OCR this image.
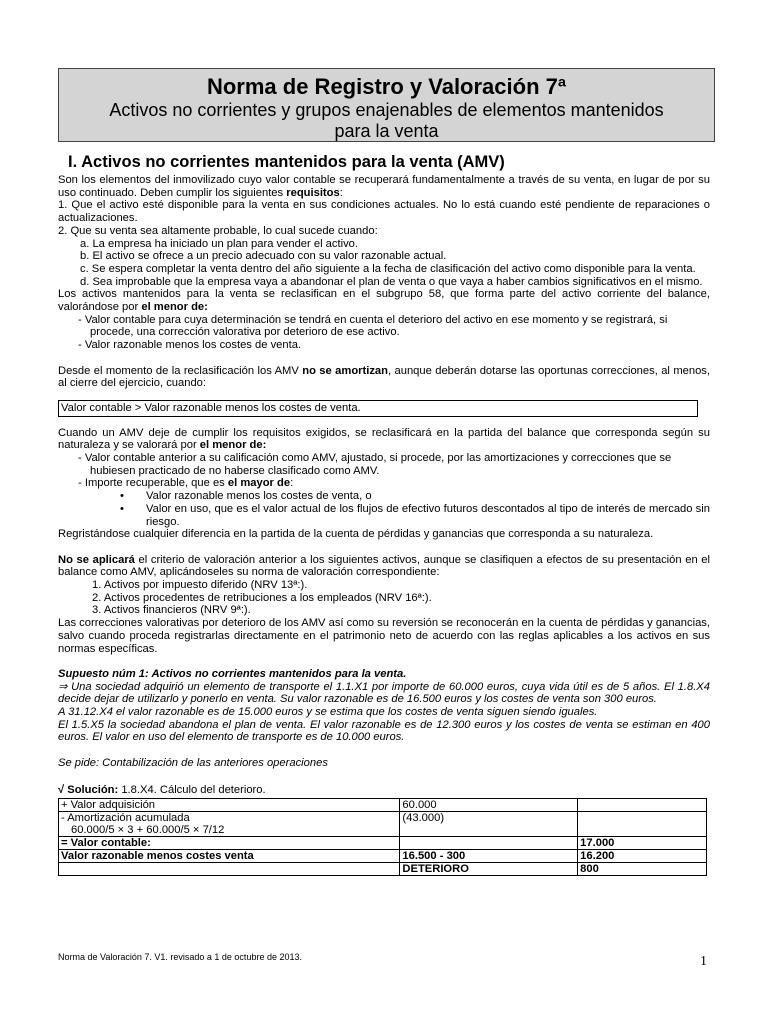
Norma de Registro y Valoración 7ª
Activos no corrientes y grupos enajenables de elementos mantenidos
para la venta
I. Activos no corrientes mantenidos para la venta (AMV)

Son los elementos del inmovilizado cuyo valor contable se recuperará fundamentalmente a través de su venta, en lugar de por su uso continuado. Deben cumplir los siguientes requisitos:

1. Que el activo esté disponible para la venta en sus condiciones actuales. No lo está cuando esté pendiente de reparaciones o actualizaciones.

2. Que su venta sea altamente probable, lo cual sucede cuando:

a. La empresa ha iniciado un plan para vender el activo.

b. El activo se ofrece a un precio adecuado con su valor razonable actual.

c. Se espera completar la venta dentro del año siguiente a la fecha de clasificación del activo como disponible para la venta.

d. Sea improbable que la empresa vaya a abandonar el plan de venta o que vaya a haber cambios significativos en el mismo.

Los activos mantenidos para la venta se reclasifican en el subgrupo 58, que forma parte del activo corriente del balance, valorándose por el menor de:

- Valor contable para cuya determinación se tendrá en cuenta el deterioro del activo en ese momento y se registrará, si procede, una corrección valorativa por deterioro de ese activo.
- Valor razonable menos los costes de venta.

Desde el momento de la reclasificación los AMV no se amortizan, aunque deberán dotarse las oportunas correcciones, al menos, al cierre del ejercicio, cuando:

Valor contable > Valor razonable menos los costes de venta.

Cuando un AMV deje de cumplir los requisitos exigidos, se reclasificará en la partida del balance que corresponda según su naturaleza y se valorará por el menor de:

- Valor contable anterior a su calificación como AMV, ajustado, si procede, por las amortizaciones y correcciones que se hubiesen practicado de no haberse clasificado como AMV.
- Importe recuperable, que es el mayor de:

• Valor razonable menos los costes de venta, o

• Valor en uso, que es el valor actual de los flujos de efectivo futuros descontados al tipo de interés de mercado sin riesgo.

Regristándose cualquier diferencia en la partida de la cuenta de pérdidas y ganancias que corresponda a su naturaleza.

No se aplicará el criterio de valoración anterior a los siguientes activos, aunque se clasifiquen a efectos de su presentación en el balance como AMV, aplicándoseles su norma de valoración correspondiente:

1. Activos por impuesto diferido (NRV 13ª:).

2. Activos procedentes de retribuciones a los empleados (NRV 16ª:).

3. Activos financieros (NRV 9ª:).

Las correcciones valorativas por deterioro de los AMV así como su reversión se reconocerán en la cuenta de pérdidas y ganancias, salvo cuando proceda registrarlas directamente en el patrimonio neto de acuerdo con las reglas aplicables a los activos en sus normas específicas.

Supuesto núm 1: Activos no corrientes mantenidos para la venta.

⇒ Una sociedad adquirió un elemento de transporte el 1.1.X1 por importe de 60.000 euros, cuya vida útil es de 5 años. El 1.8.X4 decide dejar de utilizarlo y ponerlo en venta. Su valor razonable es de 16.500 euros y los costes de venta son 300 euros.

A 31.12.X4 el valor razonable es de 15.000 euros y se estima que los costes de venta siguen siendo iguales.

El 1.5.X5 la sociedad abandona el plan de venta. El valor razonable es de 12.300 euros y los costes de venta se estiman en 400 euros. El valor en uso del elemento de transporte es de 10.000 euros.

Se pide: Contabilización de las anteriores operaciones

√ Solución: 1.8.X4. Cálculo del deterioro.

+ Valor adquisición	60.000	
- Amortización acumulada
60.000/5 × 3 + 60.000/5 × 7/12	(43.000)	
= Valor contable:		17.000
Valor razonable menos costes venta	16.500 - 300	16.200
	DETERIORO	800
Norma de Valoración 7. V1. revisado a 1 de octubre de 2013.	1
